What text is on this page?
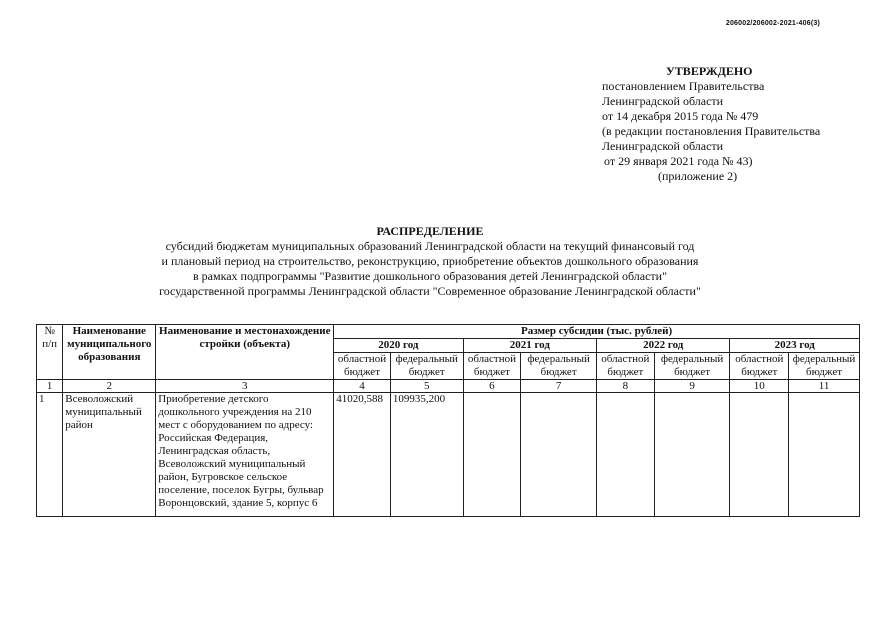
206002/206002-2021-406(3)
УТВЕРЖДЕНО
постановлением Правительства
Ленинградской области
от 14 декабря 2015 года № 479
(в редакции постановления Правительства
Ленинградской области
от 29 января 2021 года № 43)
(приложение 2)
РАСПРЕДЕЛЕНИЕ
субсидий бюджетам муниципальных образований Ленинградской области на текущий финансовый год
и плановый период на строительство, реконструкцию, приобретение объектов дошкольного образования
в рамках подпрограммы "Развитие дошкольного образования детей Ленинградской области"
государственной программы Ленинградской области "Современное образование Ленинградской области"
№ п/п	Наименование муниципального образования	Наименование и местонахождение стройки (объекта)	Размер субсидии (тыс. рублей)							
			2020 год		2021 год		2022 год		2023 год	
			областной бюджет	федеральный бюджет	областной бюджет	федеральный бюджет	областной бюджет	федеральный бюджет	областной бюджет	федеральный бюджет
1	2	3	4	5	6	7	8	9	10	11
1	Всеволожский муниципальный район	Приобретение детского дошкольного учреждения на 210 мест с оборудованием по адресу: Российская Федерация, Ленинградская область, Всеволожский муниципальный район, Бугровское сельское поселение, поселок Бугры, бульвар Воронцовский, здание 5, корпус 6	41020,588	109935,200						
